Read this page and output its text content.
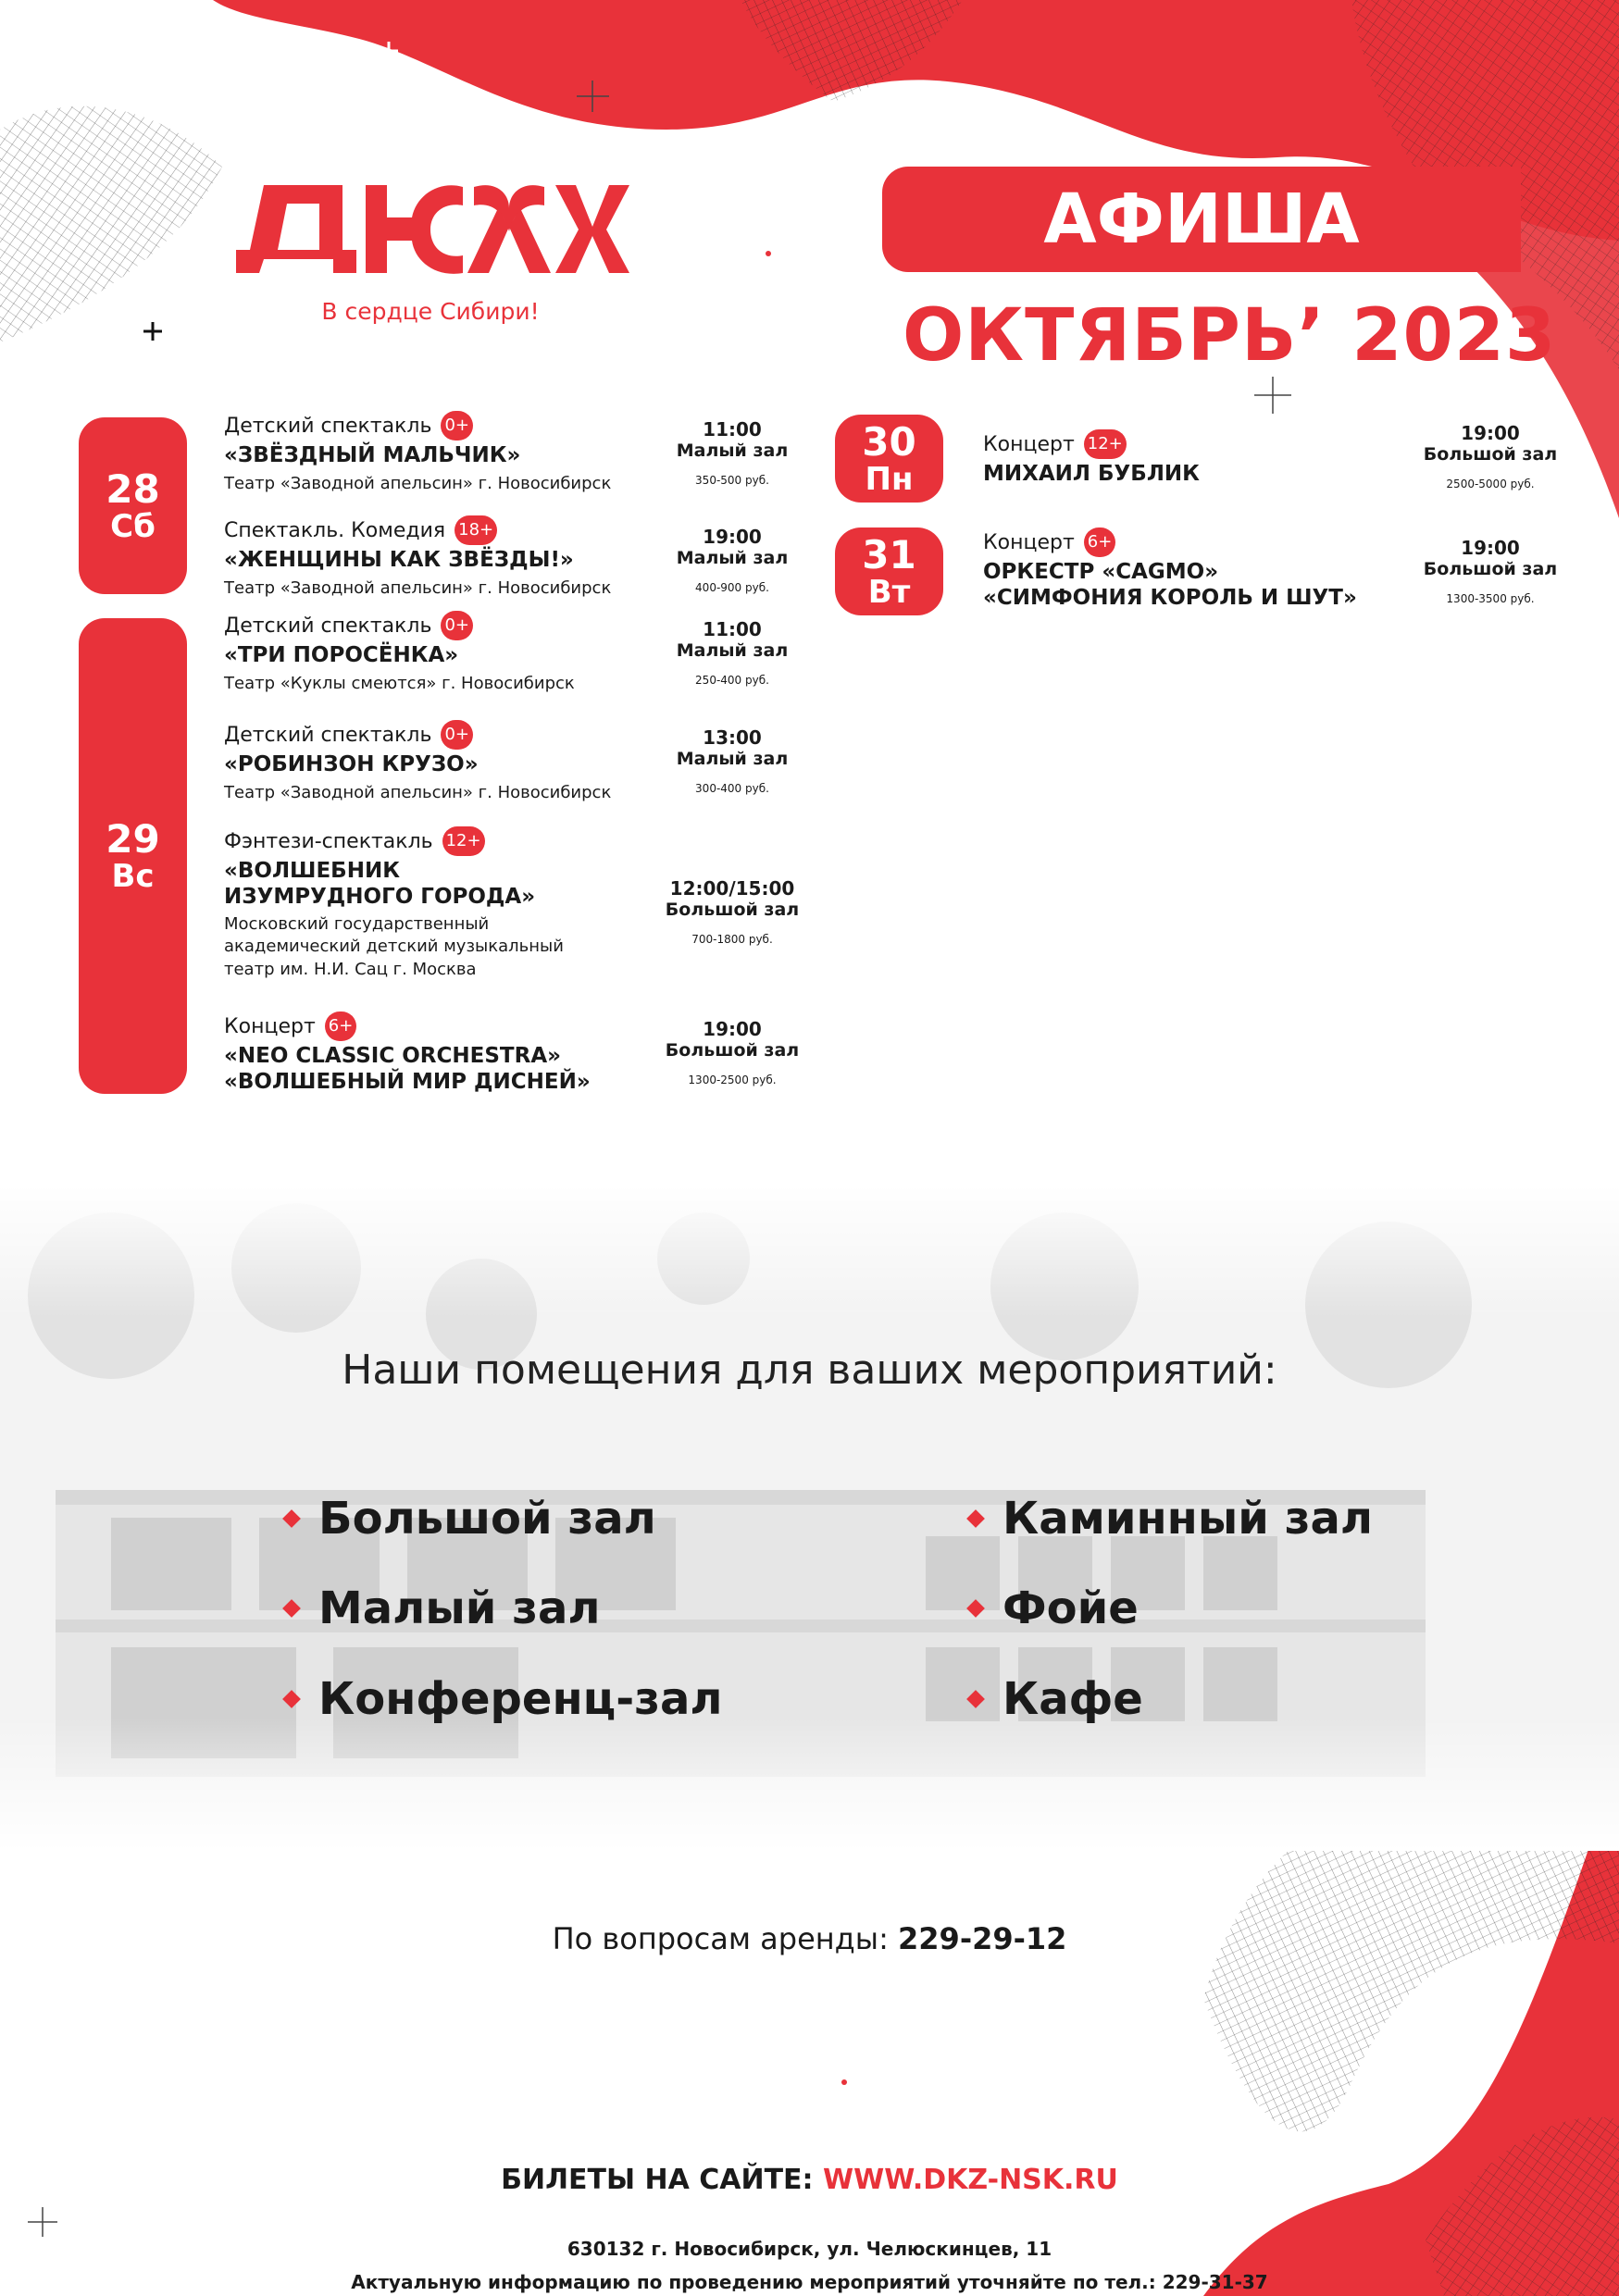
В сердце Сибири!
АФИША
ОКТЯБРЬ’ 2023
28
Сб
29
Вс
30
Пн
31
Вт
Детский спектакль 0+
«ЗВЁЗДНЫЙ МАЛЬЧИК»
Театр «Заводной апельсин» г. Новосибирск
11:00
Малый зал
350-500 руб.
Спектакль. Комедия 18+
«ЖЕНЩИНЫ КАК ЗВЁЗДЫ!»
Театр «Заводной апельсин» г. Новосибирск
19:00
Малый зал
400-900 руб.
Детский спектакль 0+
«ТРИ ПОРОСЁНКА»
Театр «Куклы смеются» г. Новосибирск
11:00
Малый зал
250-400 руб.
Детский спектакль 0+
«РОБИНЗОН КРУЗО»
Театр «Заводной апельсин» г. Новосибирск
13:00
Малый зал
300-400 руб.
Фэнтези-спектакль 12+
«ВОЛШЕБНИК ИЗУМРУДНОГО ГОРОДА»
Московский государственный академический детский музыкальный театр им. Н.И. Сац г. Москва
12:00/15:00
Большой зал
700-1800 руб.
Концерт 6+
«NEO CLASSIC ORCHESTRA» «ВОЛШЕБНЫЙ МИР ДИСНЕЙ»
19:00
Большой зал
1300-2500 руб.
Концерт 12+
МИХАИЛ БУБЛИК
19:00
Большой зал
2500-5000 руб.
Концерт 6+
ОРКЕСТР «CAGMO» «СИМФОНИЯ КОРОЛЬ И ШУТ»
19:00
Большой зал
1300-3500 руб.
Наши помещения для ваших мероприятий:
Большой зал
Малый зал
Конференц-зал
Каминный зал
Фойе
Кафе
По вопросам аренды: 229-29-12
БИЛЕТЫ НА САЙТЕ: WWW.DKZ-NSK.RU
630132 г. Новосибирск, ул. Челюскинцев, 11
Актуальную информацию по проведению мероприятий уточняйте по тел.: 229-31-37
